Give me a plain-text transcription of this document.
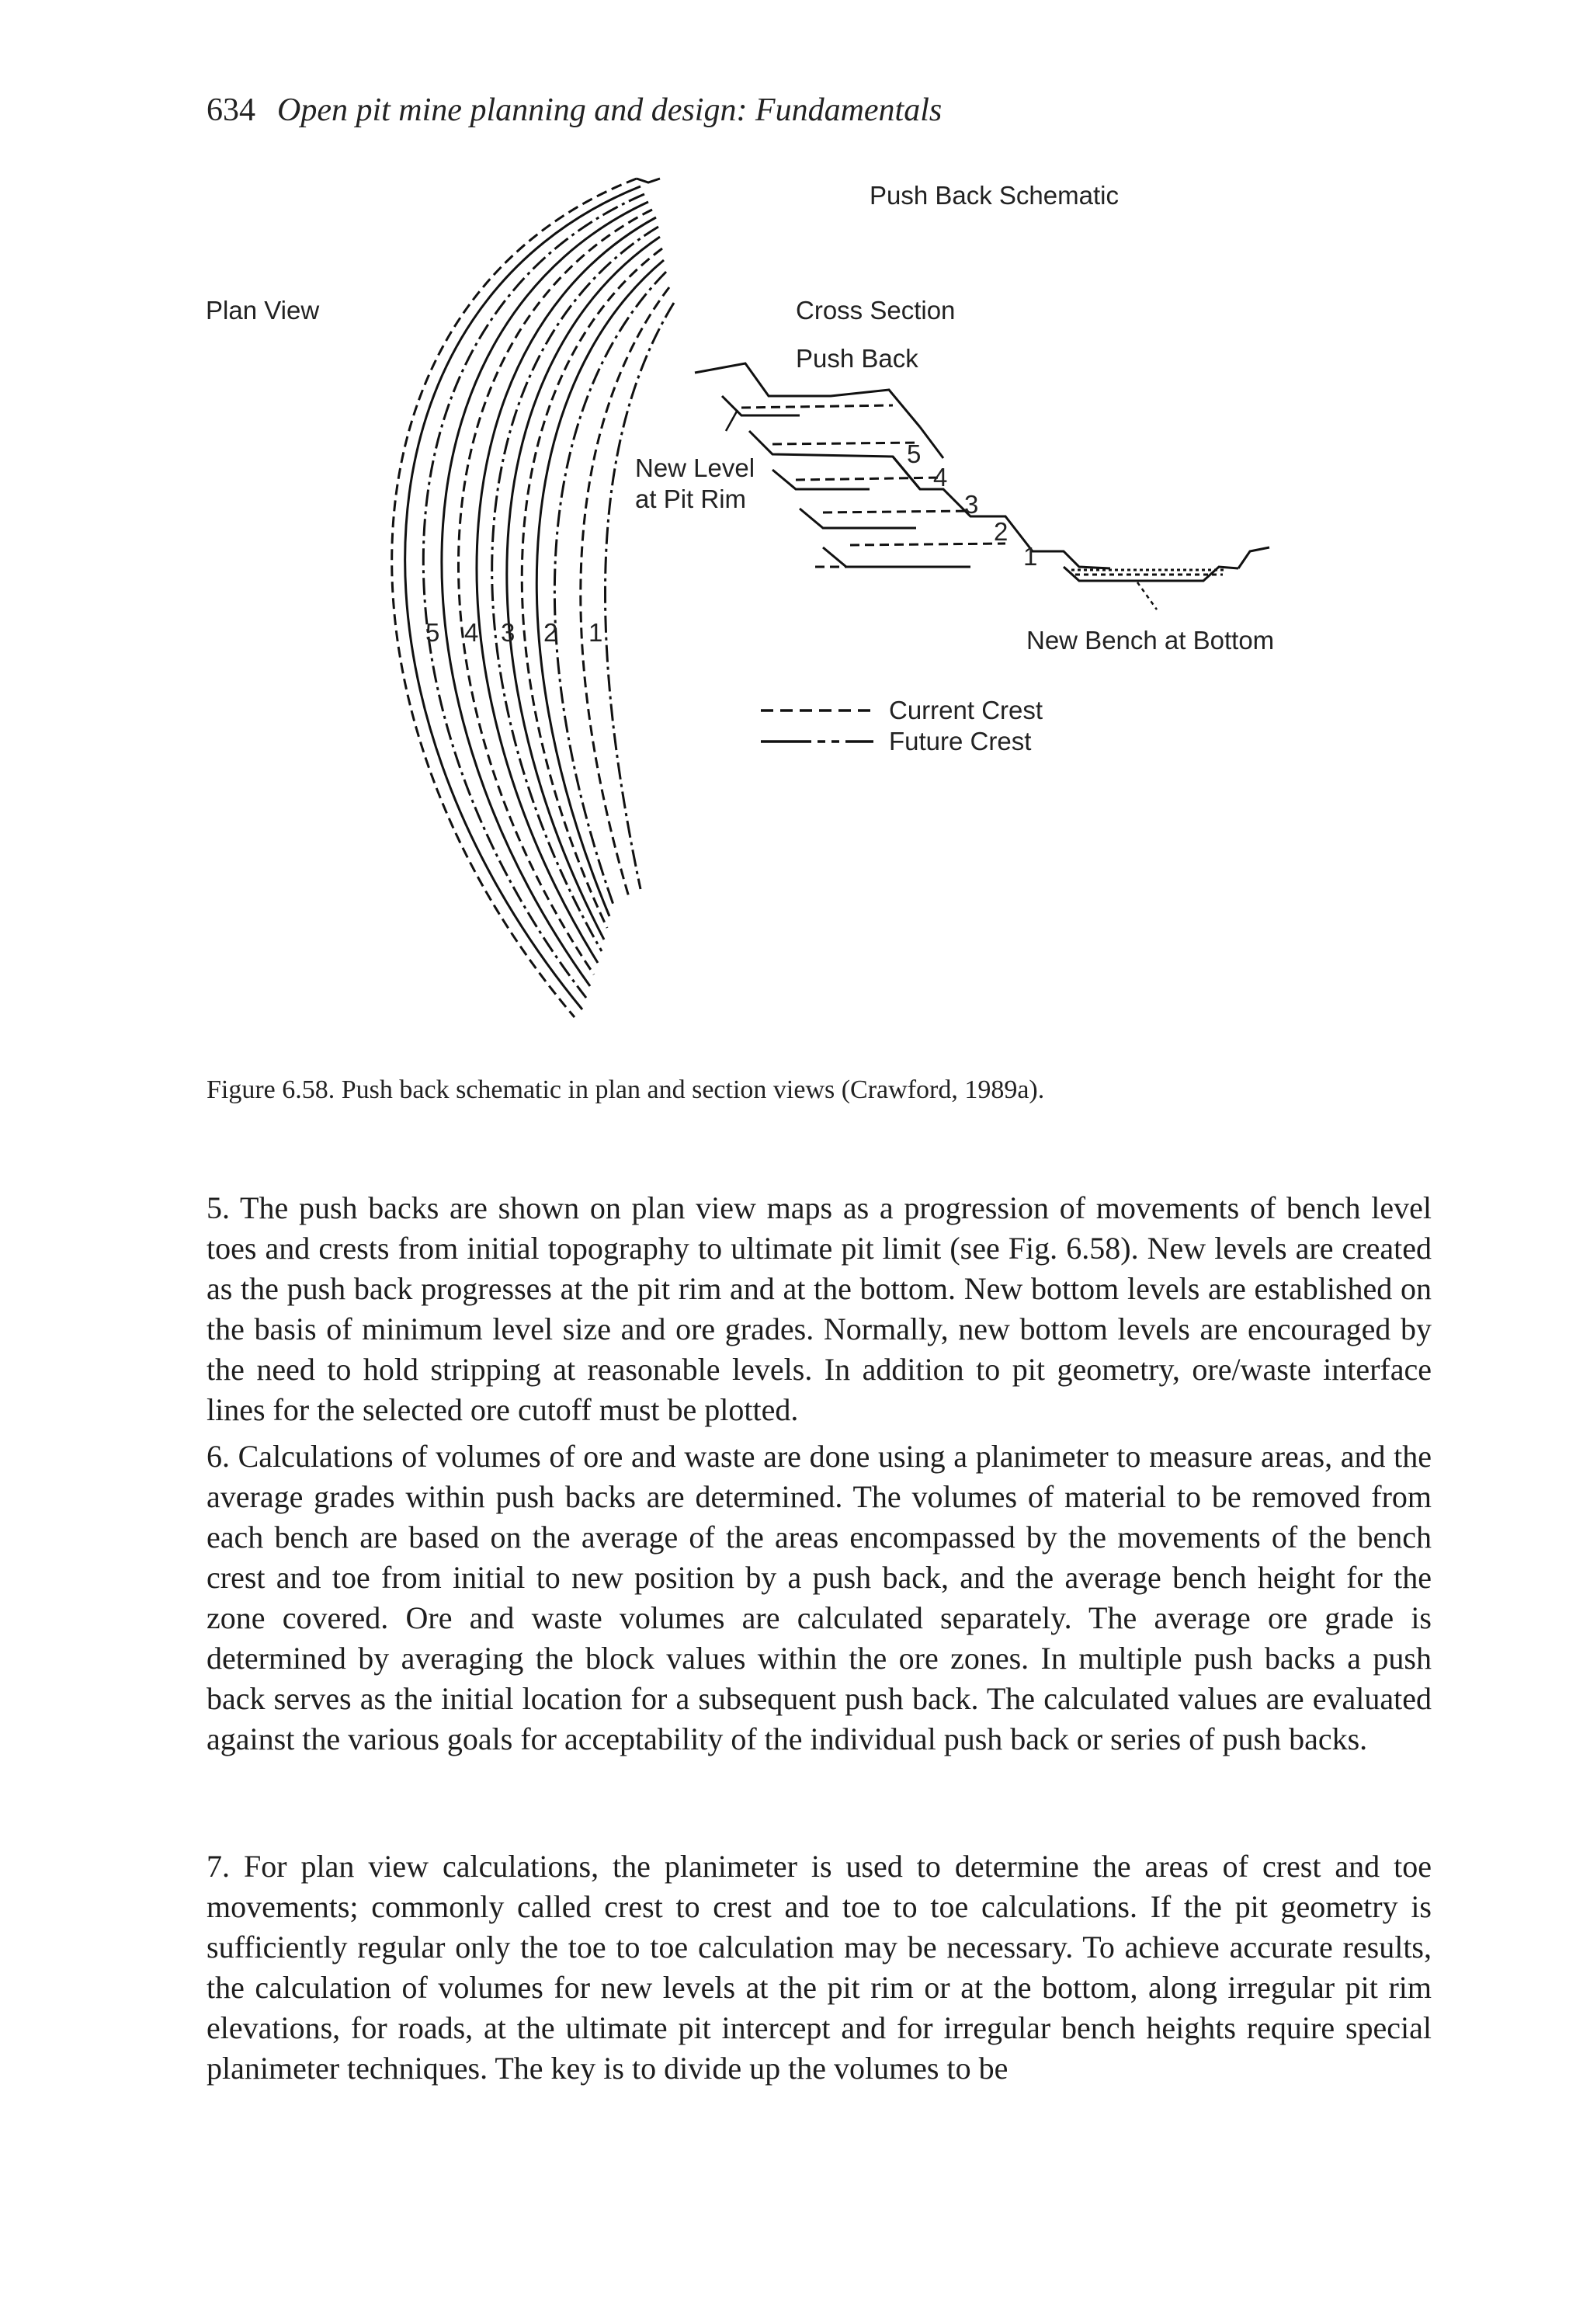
634 Open pit mine planning and design: Fundamentals
Push Back Schematic
Plan View	Cross Section
Push Back
New Level
at Pit Rim
New Bench at Bottom
5 4 3 2 1
5
4
3
2
1
Current Crest
Future Crest
Figure 6.58. Push back schematic in plan and section views (Crawford, 1989a).

5. The push backs are shown on plan view maps as a progression of movements of bench level toes and crests from initial topography to ultimate pit limit (see Fig. 6.58). New levels are created as the push back progresses at the pit rim and at the bottom. New bottom levels are established on the basis of minimum level size and ore grades. Normally, new bottom levels are encouraged by the need to hold stripping at reasonable levels. In addition to pit geometry, ore/waste interface lines for the selected ore cutoff must be plotted.

6. Calculations of volumes of ore and waste are done using a planimeter to measure areas, and the average grades within push backs are determined. The volumes of material to be removed from each bench are based on the average of the areas encompassed by the movements of the bench crest and toe from initial to new position by a push back, and the average bench height for the zone covered. Ore and waste volumes are calculated separately. The average ore grade is determined by averaging the block values within the ore zones. In multiple push backs a push back serves as the initial location for a subsequent push back. The calculated values are evaluated against the various goals for acceptability of the individual push back or series of push backs.

7. For plan view calculations, the planimeter is used to determine the areas of crest and toe movements; commonly called crest to crest and toe to toe calculations. If the pit geometry is sufficiently regular only the toe to toe calculation may be necessary. To achieve accurate results, the calculation of volumes for new levels at the pit rim or at the bottom, along irregular pit rim elevations, for roads, at the ultimate pit intercept and for irregular bench heights require special planimeter techniques. The key is to divide up the volumes to be
